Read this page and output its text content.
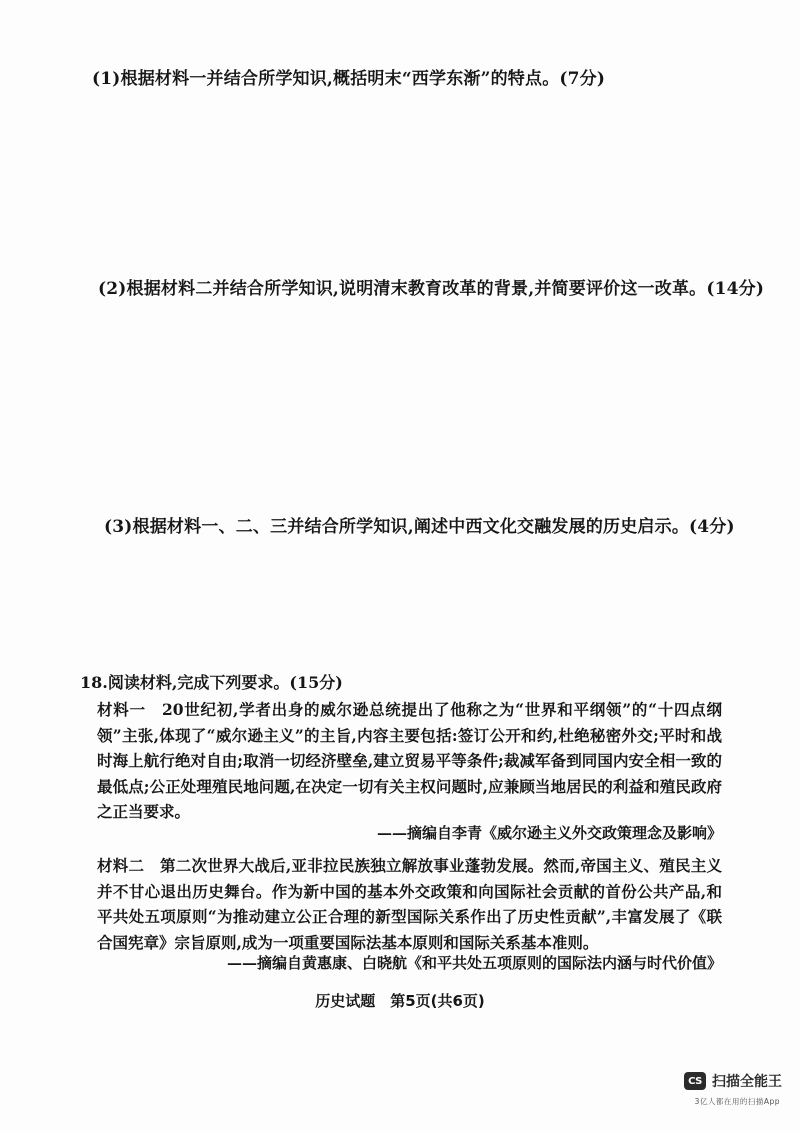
(1)根据材料一并结合所学知识,概括明末“西学东渐”的特点。(7分)
(2)根据材料二并结合所学知识,说明清末教育改革的背景,并简要评价这一改革。(14分)
(3)根据材料一、二、三并结合所学知识,阐述中西文化交融发展的历史启示。(4分)
18.阅读材料,完成下列要求。(15分)
材料一　20世纪初,学者出身的威尔逊总统提出了他称之为“世界和平纲领”的“十四点纲领”主张,体现了“威尔逊主义”的主旨,内容主要包括:签订公开和约,杜绝秘密外交;平时和战时海上航行绝对自由;取消一切经济壁垒,建立贸易平等条件;裁减军备到同国内安全相一致的最低点;公正处理殖民地问题,在决定一切有关主权问题时,应兼顾当地居民的利益和殖民政府之正当要求。
——摘编自李青《威尔逊主义外交政策理念及影响》
材料二　第二次世界大战后,亚非拉民族独立解放事业蓬勃发展。然而,帝国主义、殖民主义并不甘心退出历史舞台。作为新中国的基本外交政策和向国际社会贡献的首份公共产品,和平共处五项原则“为推动建立公正合理的新型国际关系作出了历史性贡献”,丰富发展了《联合国宪章》宗旨原则,成为一项重要国际法基本原则和国际关系基本准则。
——摘编自黄惠康、白晓航《和平共处五项原则的国际法内涵与时代价值》
历史试题　第5页(共6页)
CS 扫描全能王
3亿人都在用的扫描App
